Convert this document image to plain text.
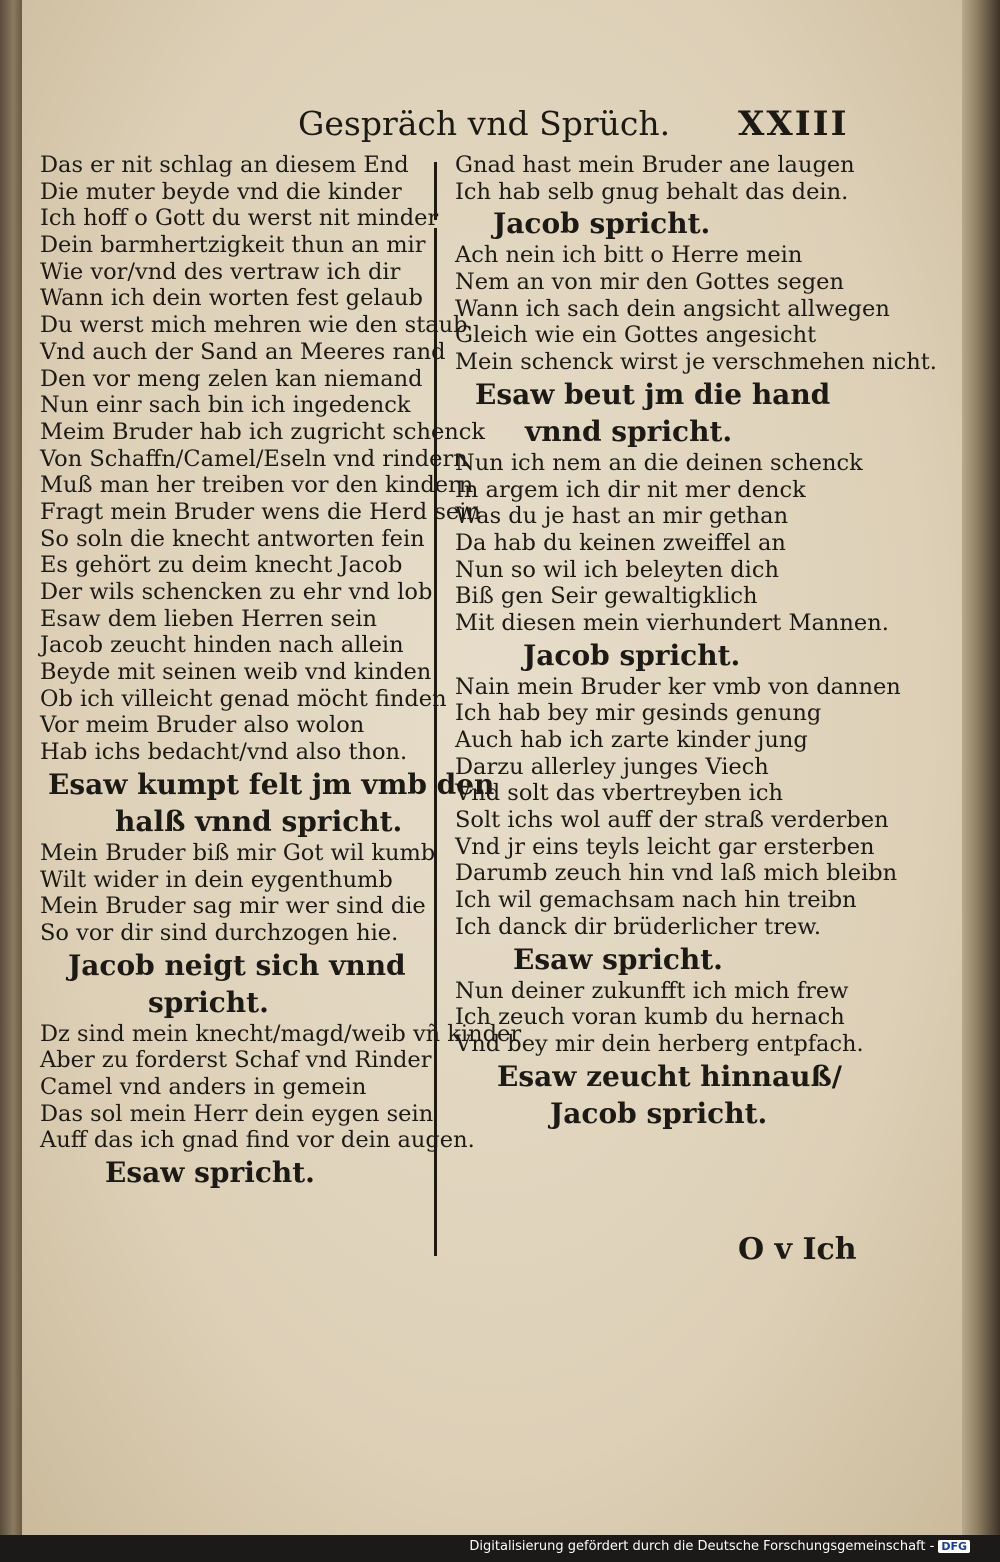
Gespräch vnd Sprüch. XXIII
Das er nit schlag an diesem End
Die muter beyde vnd die kinder
Ich hoff o Gott du werst nit minder
Dein barmhertzigkeit thun an mir
Wie vor/vnd des vertraw ich dir
Wann ich dein worten fest gelaub
Du werst mich mehren wie den staub
Vnd auch der Sand an Meeres rand
Den vor meng zelen kan niemand
Nun einr sach bin ich ingedenck
Meim Bruder hab ich zugricht schenck
Von Schaffn/Camel/Eseln vnd rindern
Muß man her treiben vor den kindern
Fragt mein Bruder wens die Herd sein
So soln die knecht antworten fein
Es gehört zu deim knecht Jacob
Der wils schencken zu ehr vnd lob
Esaw dem lieben Herren sein
Jacob zeucht hinden nach allein
Beyde mit seinen weib vnd kinden
Ob ich villeicht genad möcht finden
Vor meim Bruder also wolon
Hab ichs bedacht/vnd also thon.
Esaw kumpt felt jm vmb den
halß vnnd spricht.
Mein Bruder biß mir Got wil kumb
Wilt wider in dein eygenthumb
Mein Bruder sag mir wer sind die
So vor dir sind durchzogen hie.
Jacob neigt sich vnnd
spricht.
Dz sind mein knecht/magd/weib vñ kinder
Aber zu forderst Schaf vnd Rinder
Camel vnd anders in gemein
Das sol mein Herr dein eygen sein
Auff das ich gnad find vor dein augen.
Esaw spricht.
Gnad hast mein Bruder ane laugen
Ich hab selb gnug behalt das dein.
Jacob spricht.
Ach nein ich bitt o Herre mein
Nem an von mir den Gottes segen
Wann ich sach dein angsicht allwegen
Gleich wie ein Gottes angesicht
Mein schenck wirst je verschmehen nicht.
Esaw beut jm die hand
vnnd spricht.
Nun ich nem an die deinen schenck
In argem ich dir nit mer denck
Was du je hast an mir gethan
Da hab du keinen zweiffel an
Nun so wil ich beleyten dich
Biß gen Seir gewaltigklich
Mit diesen mein vierhundert Mannen.
Jacob spricht.
Nain mein Bruder ker vmb von dannen
Ich hab bey mir gesinds genung
Auch hab ich zarte kinder jung
Darzu allerley junges Viech
Vnd solt das vbertreyben ich
Solt ichs wol auff der straß verderben
Vnd jr eins teyls leicht gar ersterben
Darumb zeuch hin vnd laß mich bleibn
Ich wil gemachsam nach hin treibn
Ich danck dir brüderlicher trew.
Esaw spricht.
Nun deiner zukunfft ich mich frew
Ich zeuch voran kumb du hernach
Vnd bey mir dein herberg entpfach.
Esaw zeucht hinnauß/
Jacob spricht.
O v Ich
Digitalisierung gefördert durch die Deutsche Forschungsgemeinschaft - DFG
